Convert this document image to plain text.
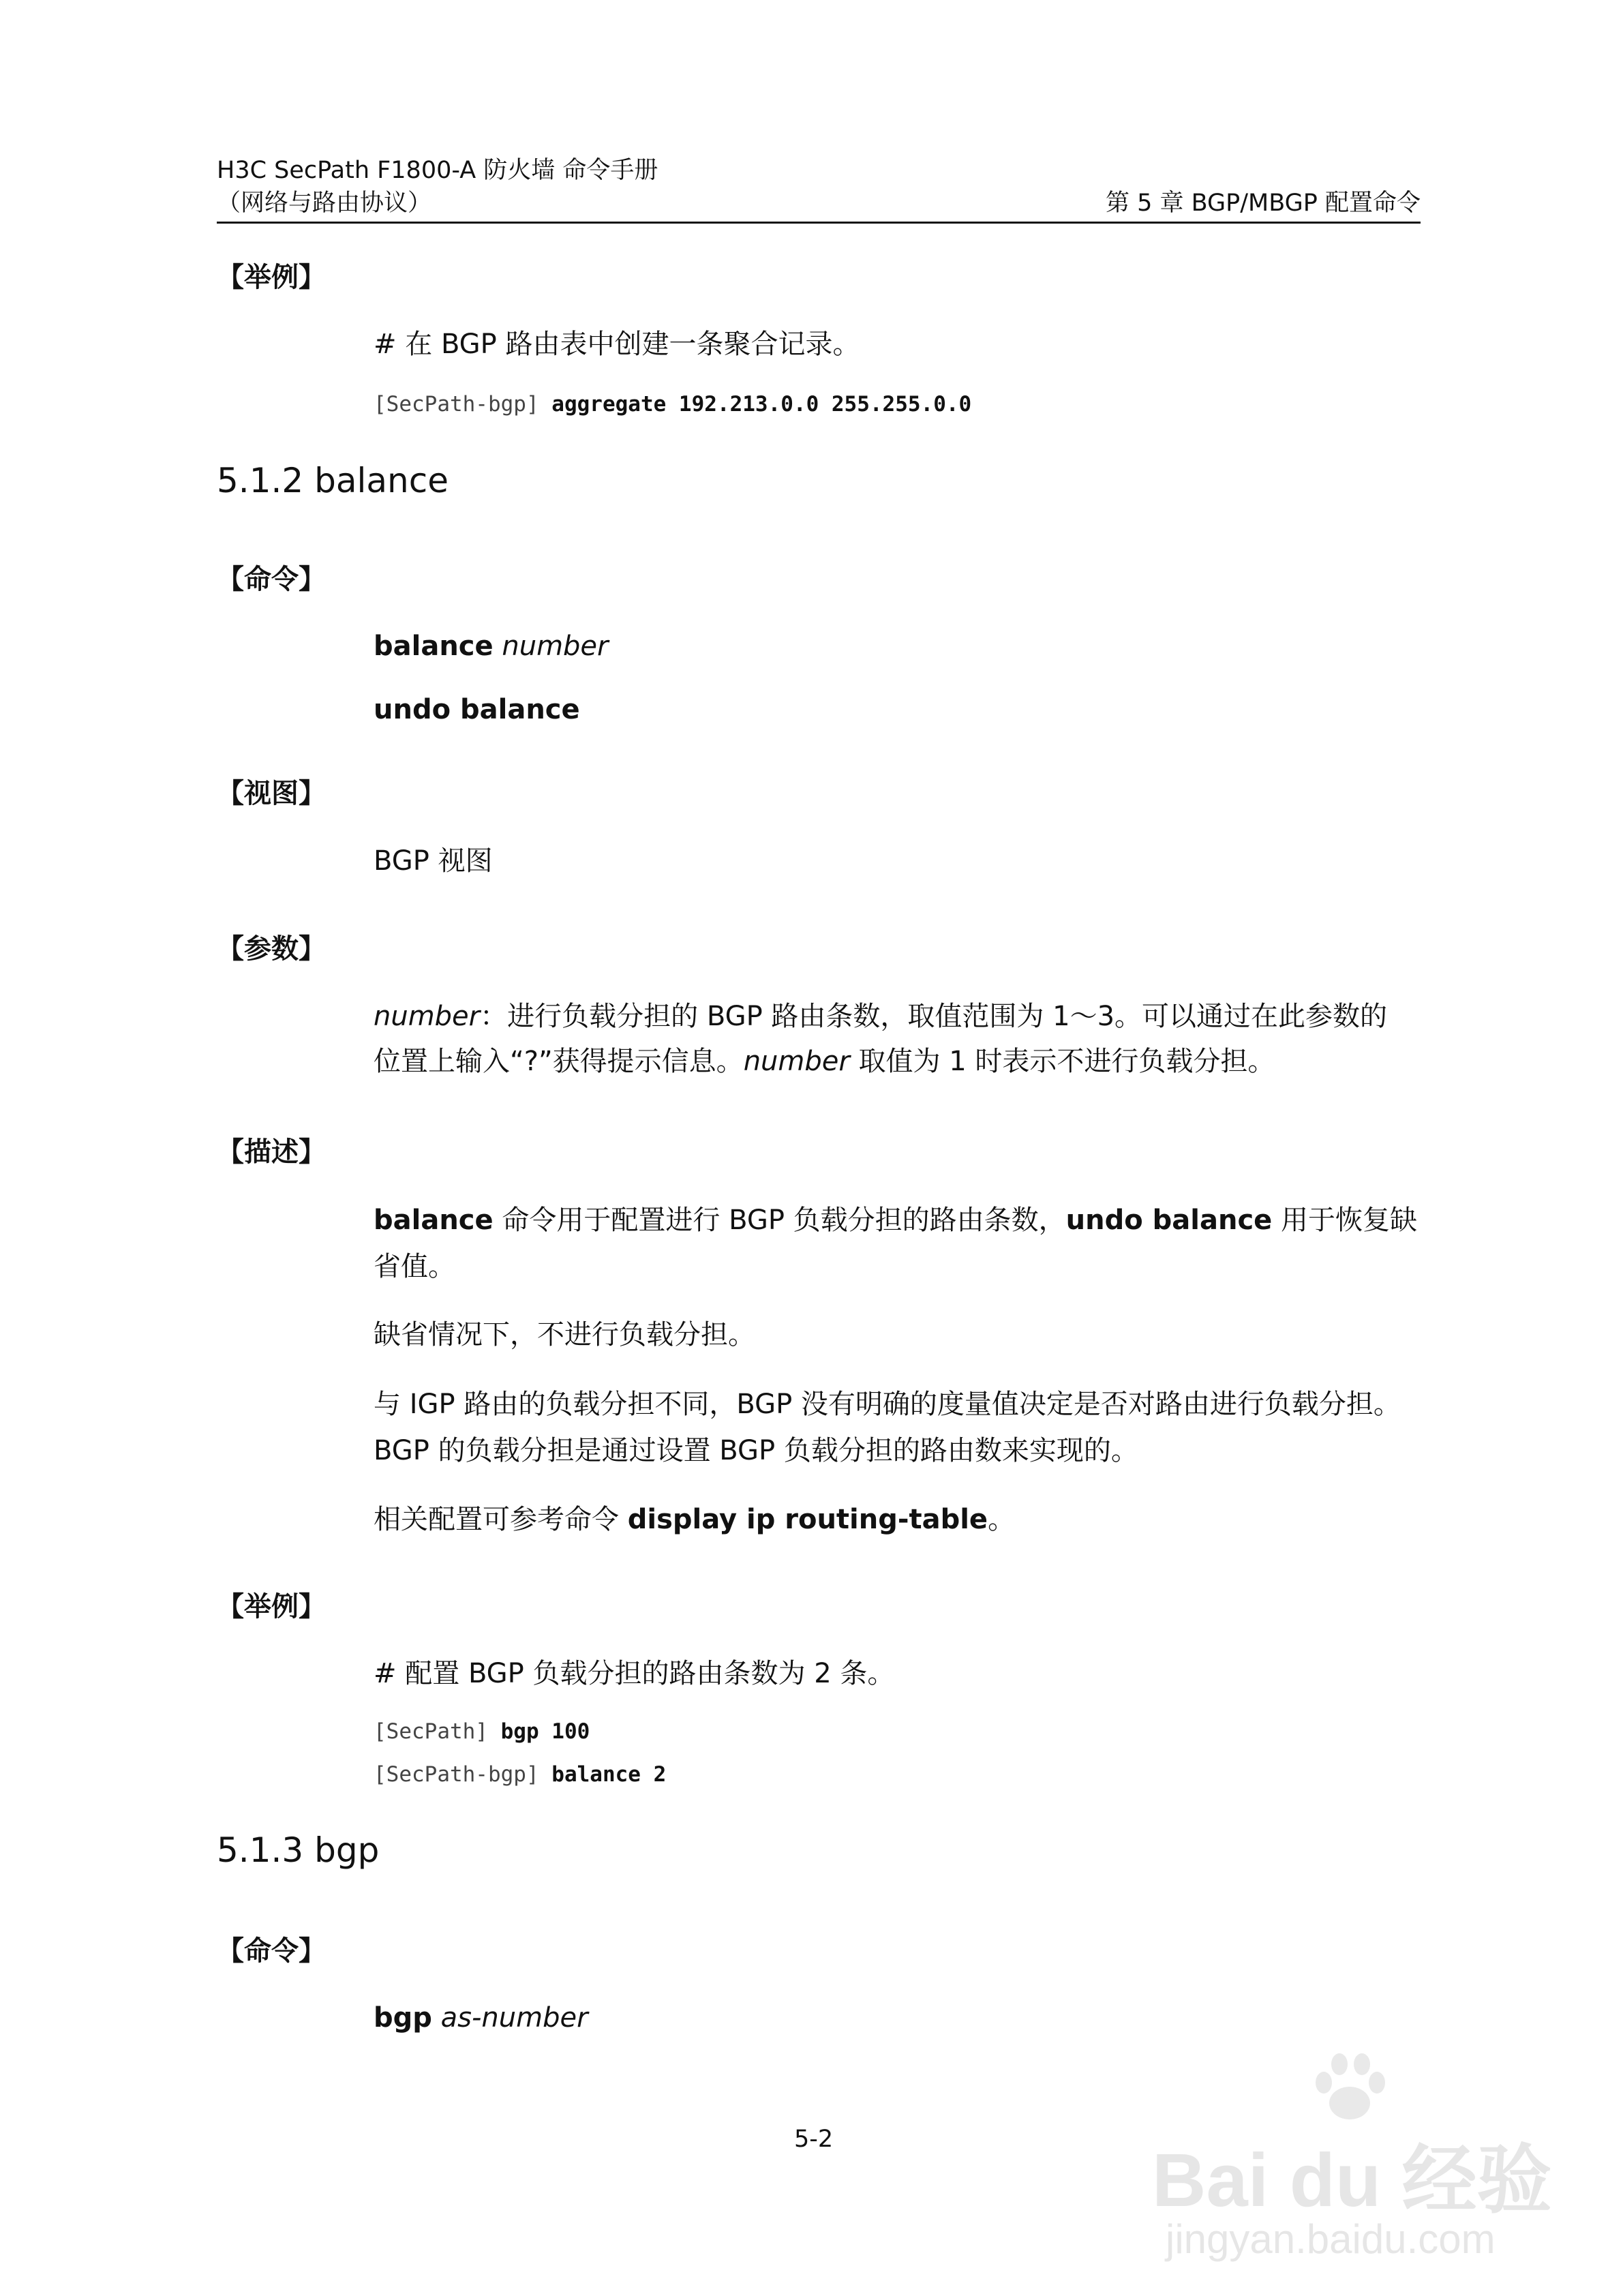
H3C SecPath F1800-A 防火墙 命令手册
（网络与路由协议）	第 5 章 BGP/MBGP 配置命令
【举例】
# 在 BGP 路由表中创建一条聚合记录。
[SecPath-bgp] aggregate 192.213.0.0 255.255.0.0
5.1.2 balance
【命令】
balance number
undo balance
【视图】
BGP 视图
【参数】
number：进行负载分担的 BGP 路由条数，取值范围为 1～3。可以通过在此参数的
位置上输入“?”获得提示信息。number 取值为 1 时表示不进行负载分担。
【描述】
balance 命令用于配置进行 BGP 负载分担的路由条数，undo balance 用于恢复缺省值。
缺省情况下，不进行负载分担。
与 IGP 路由的负载分担不同，BGP 没有明确的度量值决定是否对路由进行负载分担。BGP 的负载分担是通过设置 BGP 负载分担的路由数来实现的。
相关配置可参考命令 display ip routing-table。
【举例】
# 配置 BGP 负载分担的路由条数为 2 条。
[SecPath] bgp 100
[SecPath-bgp] balance 2
5.1.3 bgp
【命令】
bgp as-number
5-2	Bai du 经验
jingyan.baidu.com
